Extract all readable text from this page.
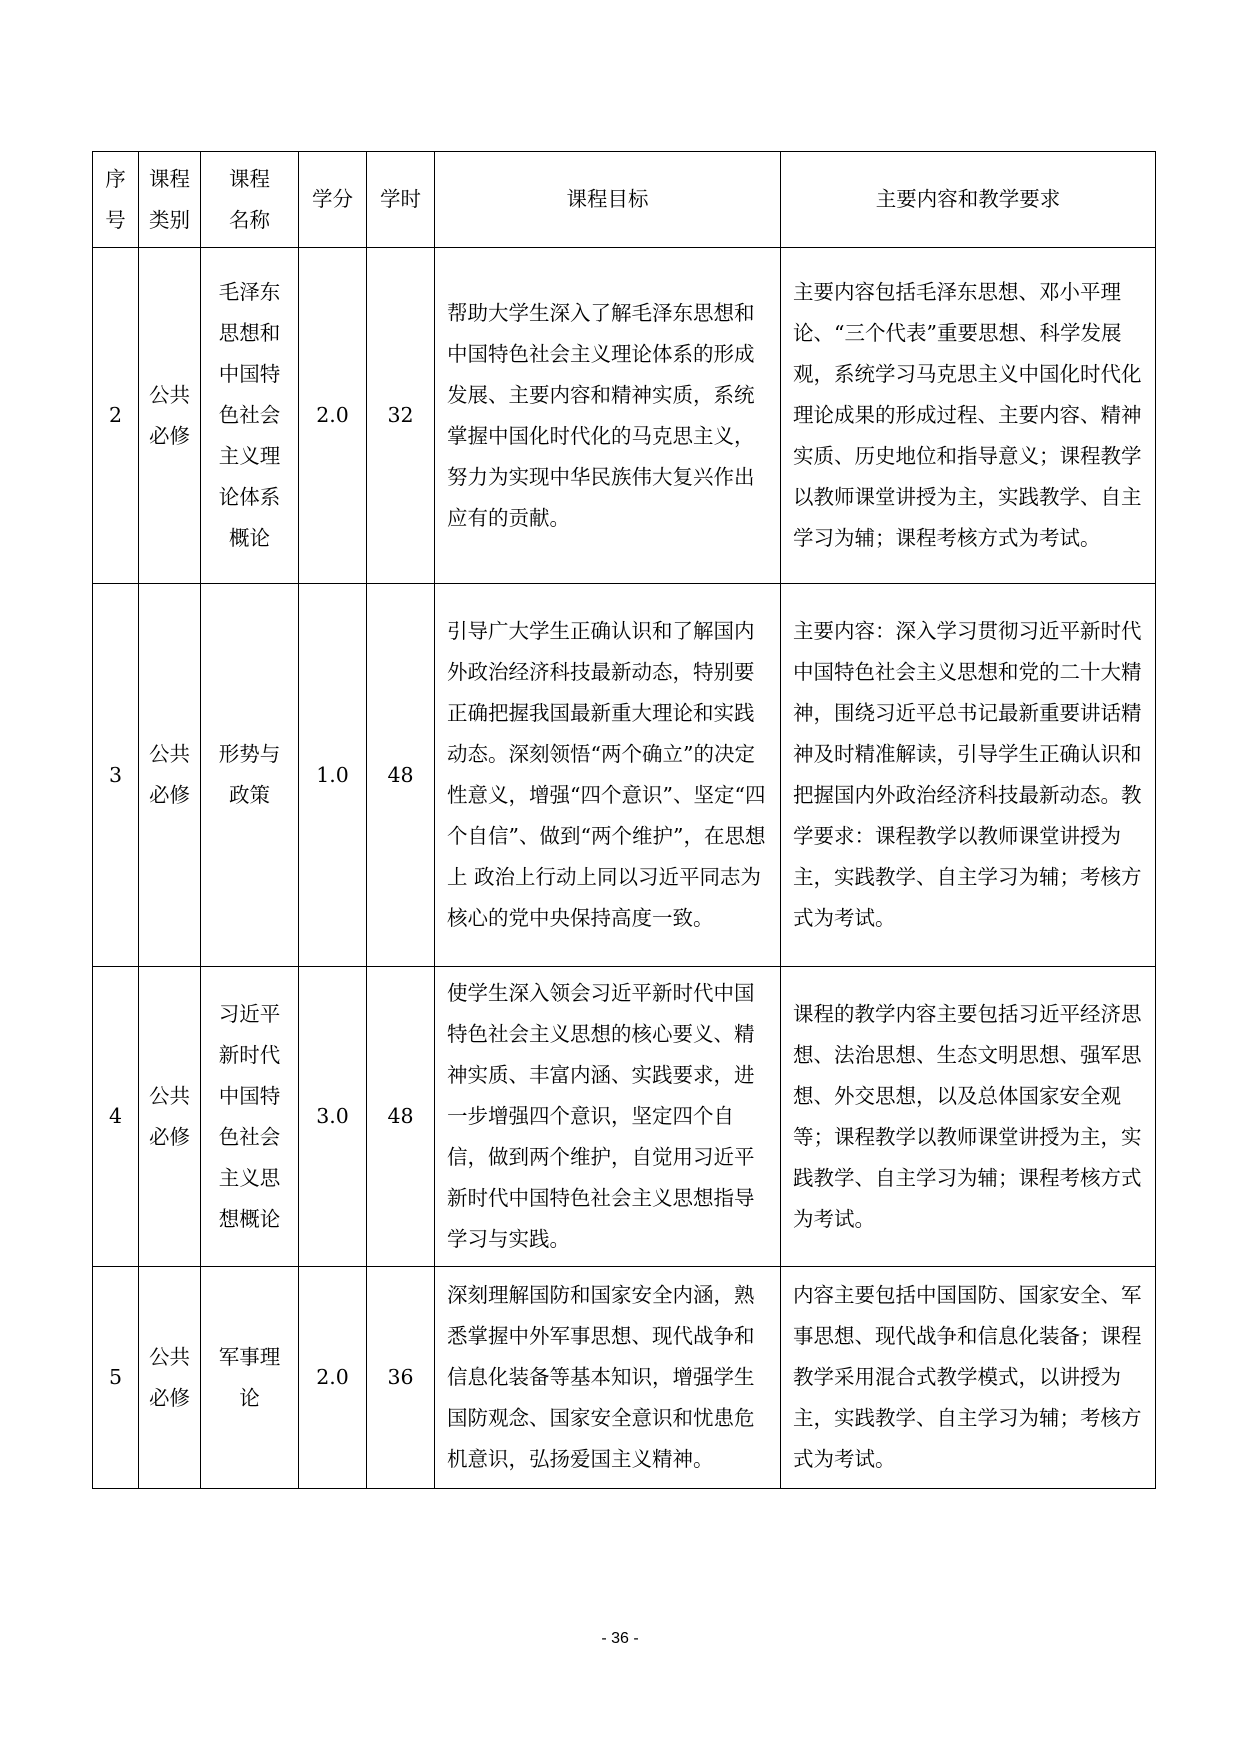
序号	课程类别	课程名称	学分	学时	课程目标	主要内容和教学要求
2	公共必修	毛泽东思想和中国特色社会主义理论体系概论	2.0	32	帮助大学生深入了解毛泽东思想和中国特色社会主义理论体系的形成发展、主要内容和精神实质，系统掌握中国化时代化的马克思主义，努力为实现中华民族伟大复兴作出应有的贡献。	主要内容包括毛泽东思想、邓小平理论、“三个代表”重要思想、科学发展观，系统学习马克思主义中国化时代化理论成果的形成过程、主要内容、精神实质、历史地位和指导意义；课程教学以教师课堂讲授为主，实践教学、自主学习为辅；课程考核方式为考试。
3	公共必修	形势与政策	1.0	48	引导广大学生正确认识和了解国内外政治经济科技最新动态，特别要正确把握我国最新重大理论和实践动态。深刻领悟“两个确立”的决定性意义，增强“四个意识”、坚定“四个自信”、做到“两个维护”，在思想上 政治上行动上同以习近平同志为核心的党中央保持高度一致。	主要内容：深入学习贯彻习近平新时代中国特色社会主义思想和党的二十大精神，围绕习近平总书记最新重要讲话精神及时精准解读，引导学生正确认识和把握国内外政治经济科技最新动态。教学要求：课程教学以教师课堂讲授为主，实践教学、自主学习为辅；考核方式为考试。
4	公共必修	习近平新时代中国特色社会主义思想概论	3.0	48	使学生深入领会习近平新时代中国特色社会主义思想的核心要义、精神实质、丰富内涵、实践要求，进一步增强四个意识，坚定四个自信，做到两个维护，自觉用习近平新时代中国特色社会主义思想指导学习与实践。	课程的教学内容主要包括习近平经济思想、法治思想、生态文明思想、强军思想、外交思想，以及总体国家安全观等；课程教学以教师课堂讲授为主，实践教学、自主学习为辅；课程考核方式为考试。
5	公共必修	军事理论	2.0	36	深刻理解国防和国家安全内涵，熟悉掌握中外军事思想、现代战争和信息化装备等基本知识，增强学生国防观念、国家安全意识和忧患危机意识，弘扬爱国主义精神。	内容主要包括中国国防、国家安全、军事思想、现代战争和信息化装备；课程教学采用混合式教学模式，以讲授为主，实践教学、自主学习为辅；考核方式为考试。
- 36 -
